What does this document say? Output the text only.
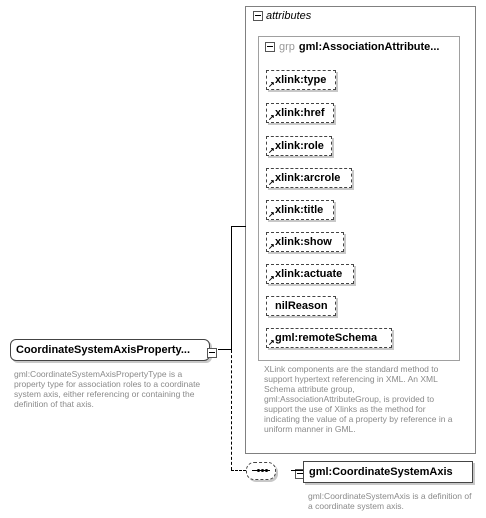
attributes
grp gml:AssociationAttribute...
xlink:type
↗
xlink:href
↗
xlink:role
↗
xlink:arcrole
↗
xlink:title
↗
xlink:show
↗
xlink:actuate
↗
nilReason
gml:remoteSchema
↗
XLink components are the standard method to support hypertext referencing in XML. An XML Schema attribute group, gml:AssociationAttributeGroup, is provided to support the use of Xlinks as the method for indicating the value of a property by reference in a uniform manner in GML.
CoordinateSystemAxisProperty...

gml:CoordinateSystemAxisPropertyType is a property type for association roles to a coordinate system axis, either referencing or containing the definition of that axis.

gml:CoordinateSystemAxis
gml:CoordinateSystemAxis is a definition of a coordinate system axis.
